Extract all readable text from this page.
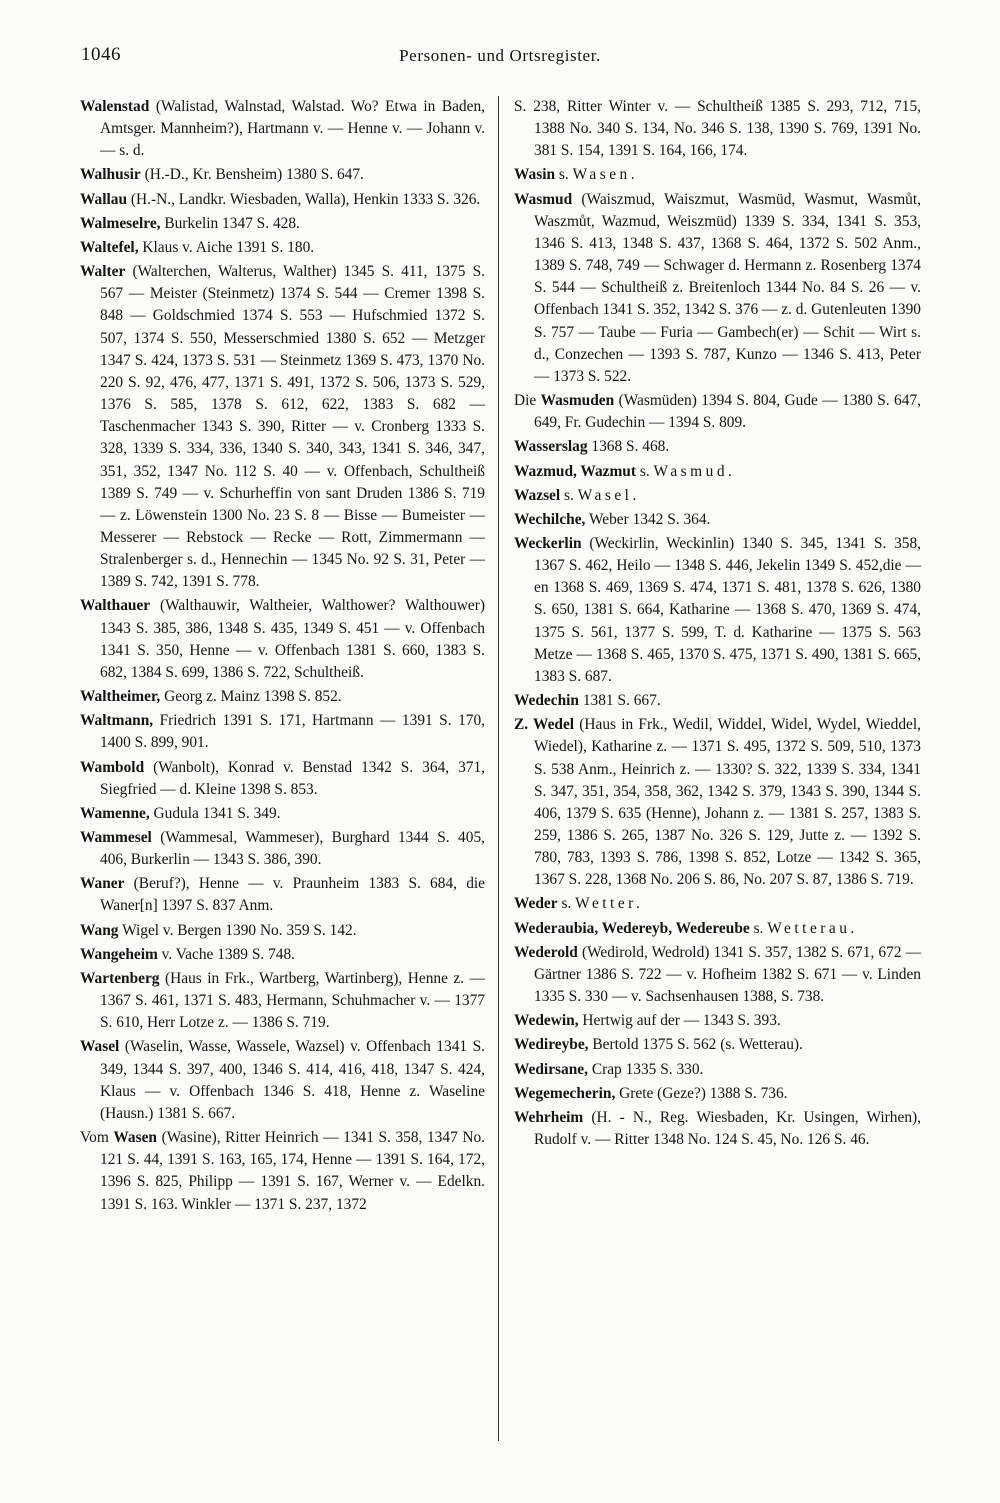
1046	Personen- und Ortsregister.

Walenstad (Walistad, Walnstad, Walstad. Wo? Etwa in Baden, Amtsger. Mannheim?), Hartmann v. — Henne v. — Johann v. — s. d.

Walhusir (H.-D., Kr. Bensheim) 1380 S. 647.

Wallau (H.-N., Landkr. Wiesbaden, Walla), Henkin 1333 S. 326.

Walmeselre, Burkelin 1347 S. 428.

Waltefel, Klaus v. Aiche 1391 S. 180.

Walter (Walterchen, Walterus, Walther) 1345 S. 411, 1375 S. 567 — Meister (Steinmetz) 1374 S. 544 — Cremer 1398 S. 848 — Goldschmied 1374 S. 553 — Hufschmied 1372 S. 507, 1374 S. 550, Messerschmied 1380 S. 652 — Metzger 1347 S. 424, 1373 S. 531 — Steinmetz 1369 S. 473, 1370 No. 220 S. 92, 476, 477, 1371 S. 491, 1372 S. 506, 1373 S. 529, 1376 S. 585, 1378 S. 612, 622, 1383 S. 682 — Taschenmacher 1343 S. 390, Ritter — v. Cronberg 1333 S. 328, 1339 S. 334, 336, 1340 S. 340, 343, 1341 S. 346, 347, 351, 352, 1347 No. 112 S. 40 — v. Offenbach, Schultheiß 1389 S. 749 — v. Schurheffin von sant Druden 1386 S. 719 — z. Löwenstein 1300 No. 23 S. 8 — Bisse — Bumeister — Messerer — Rebstock — Recke — Rott, Zimmermann — Stralenberger s. d., Hennechin — 1345 No. 92 S. 31, Peter — 1389 S. 742, 1391 S. 778.

Walthauer (Walthauwir, Waltheier, Walthower? Walthouwer) 1343 S. 385, 386, 1348 S. 435, 1349 S. 451 — v. Offenbach 1341 S. 350, Henne — v. Offenbach 1381 S. 660, 1383 S. 682, 1384 S. 699, 1386 S. 722, Schultheiß.

Waltheimer, Georg z. Mainz 1398 S. 852.

Waltmann, Friedrich 1391 S. 171, Hartmann — 1391 S. 170, 1400 S. 899, 901.

Wambold (Wanbolt), Konrad v. Benstad 1342 S. 364, 371, Siegfried — d. Kleine 1398 S. 853.

Wamenne, Gudula 1341 S. 349.

Wammesel (Wammesal, Wammeser), Burghard 1344 S. 405, 406, Burkerlin — 1343 S. 386, 390.

Waner (Beruf?), Henne — v. Praunheim 1383 S. 684, die Waner[n] 1397 S. 837 Anm.

Wang Wigel v. Bergen 1390 No. 359 S. 142.

Wangeheim v. Vache 1389 S. 748.

Wartenberg (Haus in Frk., Wartberg, Wartinberg), Henne z. — 1367 S. 461, 1371 S. 483, Hermann, Schuhmacher v. — 1377 S. 610, Herr Lotze z. — 1386 S. 719.

Wasel (Waselin, Wasse, Wassele, Wazsel) v. Offenbach 1341 S. 349, 1344 S. 397, 400, 1346 S. 414, 416, 418, 1347 S. 424, Klaus — v. Offenbach 1346 S. 418, Henne z. Waseline (Hausn.) 1381 S. 667.

Vom Wasen (Wasine), Ritter Heinrich — 1341 S. 358, 1347 No. 121 S. 44, 1391 S. 163, 165, 174, Henne — 1391 S. 164, 172, 1396 S. 825, Philipp — 1391 S. 167, Werner v. — Edelkn. 1391 S. 163. Winkler — 1371 S. 237, 1372

S. 238, Ritter Winter v. — Schultheiß 1385 S. 293, 712, 715, 1388 No. 340 S. 134, No. 346 S. 138, 1390 S. 769, 1391 No. 381 S. 154, 1391 S. 164, 166, 174.

Wasin s. Wasen.

Wasmud (Waiszmud, Waiszmut, Wasmüd, Wasmut, Wasmůt, Waszmůt, Wazmud, Weiszmüd) 1339 S. 334, 1341 S. 353, 1346 S. 413, 1348 S. 437, 1368 S. 464, 1372 S. 502 Anm., 1389 S. 748, 749 — Schwager d. Hermann z. Rosenberg 1374 S. 544 — Schultheiß z. Breitenloch 1344 No. 84 S. 26 — v. Offenbach 1341 S. 352, 1342 S. 376 — z. d. Gutenleuten 1390 S. 757 — Taube — Furia — Gambech(er) — Schit — Wirt s. d., Conzechen — 1393 S. 787, Kunzo — 1346 S. 413, Peter — 1373 S. 522.

Die Wasmuden (Wasmüden) 1394 S. 804, Gude — 1380 S. 647, 649, Fr. Gudechin — 1394 S. 809.

Wasserslag 1368 S. 468.

Wazmud, Wazmut s. Wasmud.

Wazsel s. Wasel.

Wechilche, Weber 1342 S. 364.

Weckerlin (Weckirlin, Weckinlin) 1340 S. 345, 1341 S. 358, 1367 S. 462, Heilo — 1348 S. 446, Jekelin 1349 S. 452,die —en 1368 S. 469, 1369 S. 474, 1371 S. 481, 1378 S. 626, 1380 S. 650, 1381 S. 664, Katharine — 1368 S. 470, 1369 S. 474, 1375 S. 561, 1377 S. 599, T. d. Katharine — 1375 S. 563 Metze — 1368 S. 465, 1370 S. 475, 1371 S. 490, 1381 S. 665, 1383 S. 687.

Wedechin 1381 S. 667.

Z. Wedel (Haus in Frk., Wedil, Widdel, Widel, Wydel, Wieddel, Wiedel), Katharine z. — 1371 S. 495, 1372 S. 509, 510, 1373 S. 538 Anm., Heinrich z. — 1330? S. 322, 1339 S. 334, 1341 S. 347, 351, 354, 358, 362, 1342 S. 379, 1343 S. 390, 1344 S. 406, 1379 S. 635 (Henne), Johann z. — 1381 S. 257, 1383 S. 259, 1386 S. 265, 1387 No. 326 S. 129, Jutte z. — 1392 S. 780, 783, 1393 S. 786, 1398 S. 852, Lotze — 1342 S. 365, 1367 S. 228, 1368 No. 206 S. 86, No. 207 S. 87, 1386 S. 719.

Weder s. Wetter.

Wederaubia, Wedereyb, Wedereube s. Wetterau.

Wederold (Wedirold, Wedrold) 1341 S. 357, 1382 S. 671, 672 — Gärtner 1386 S. 722 — v. Hofheim 1382 S. 671 — v. Linden 1335 S. 330 — v. Sachsenhausen 1388, S. 738.

Wedewin, Hertwig auf der — 1343 S. 393.

Wedireybe, Bertold 1375 S. 562 (s. Wetterau).

Wedirsane, Crap 1335 S. 330.

Wegemecherin, Grete (Geze?) 1388 S. 736.

Wehrheim (H. - N., Reg. Wiesbaden, Kr. Usingen, Wirhen), Rudolf v. — Ritter 1348 No. 124 S. 45, No. 126 S. 46.
